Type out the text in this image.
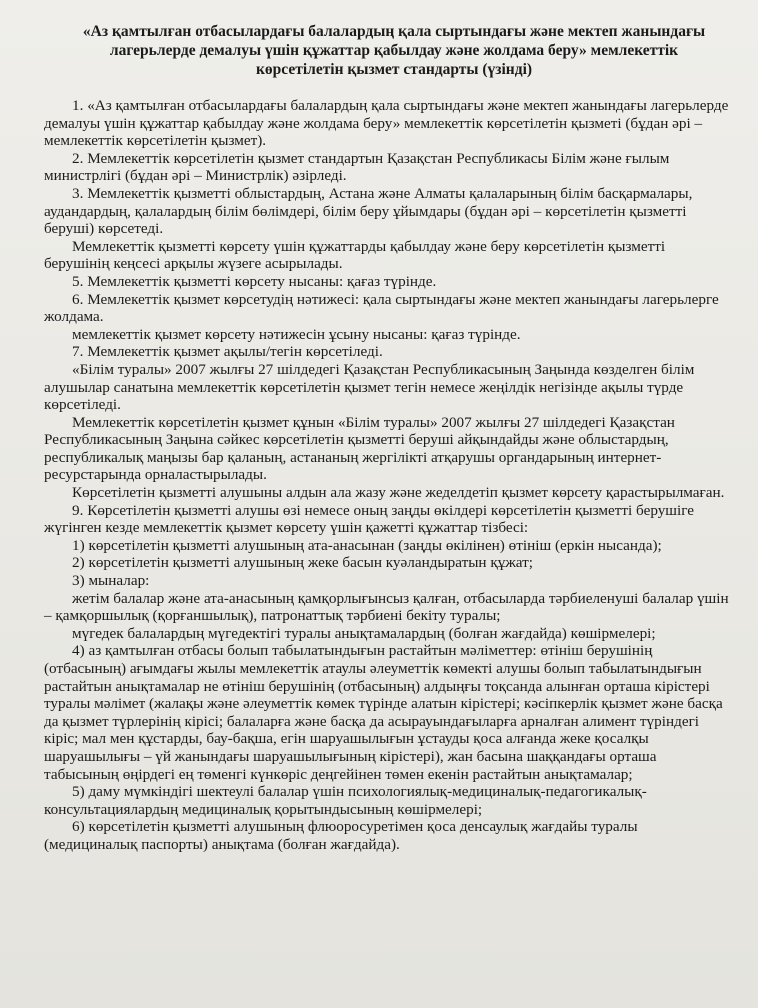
«Аз қамтылған отбасылардағы балалардың қала сыртындағы және мектеп жанындағы лагерьлерде демалуы үшін құжаттар қабылдау және жолдама беру» мемлекеттік көрсетілетін қызмет стандарты (үзінді)

1. «Аз қамтылған отбасылардағы балалардың қала сыртындағы және мектеп жанындағы лагерьлерде демалуы үшін құжаттар қабылдау және жолдама беру» мемлекеттік көрсетілетін қызметі (бұдан әрі – мемлекеттік көрсетілетін қызмет).

2. Мемлекеттік көрсетілетін қызмет стандартын Қазақстан Республикасы Білім және ғылым министрлігі (бұдан әрі – Министрлік) әзірледі.

3. Мемлекеттік қызметті облыстардың, Астана және Алматы қалаларының білім басқармалары, аудандардың, қалалардың білім бөлімдері, білім беру ұйымдары (бұдан әрі – көрсетілетін қызметті беруші) көрсетеді.

Мемлекеттік қызметті көрсету үшін құжаттарды қабылдау және беру көрсетілетін қызметті берушінің кеңсесі арқылы жүзеге асырылады.

5. Мемлекеттік қызметті көрсету нысаны: қағаз түрінде.

6. Мемлекеттік қызмет көрсетудің нәтижесі: қала сыртындағы және мектеп жанындағы лагерьлерге жолдама.

мемлекеттік қызмет көрсету нәтижесін ұсыну нысаны: қағаз түрінде.

7. Мемлекеттік қызмет ақылы/тегін көрсетіледі.

«Білім туралы» 2007 жылғы 27 шілдедегі Қазақстан Республикасының Заңында көзделген білім алушылар санатына мемлекеттік көрсетілетін қызмет тегін немесе жеңілдік негізінде ақылы түрде көрсетіледі.

Мемлекеттік көрсетілетін қызмет құнын «Білім туралы» 2007 жылғы 27 шілдедегі Қазақстан Республикасының Заңына сәйкес көрсетілетін қызметті беруші айқындайды және облыстардың, республикалық маңызы бар қаланың, астананың жергілікті атқарушы органдарының интернет-ресурстарында орналастырылады.

Көрсетілетін қызметті алушыны алдын ала жазу және жеделдетіп қызмет көрсету қарастырылмаған.

9. Көрсетілетін қызметті алушы өзі немесе оның заңды өкілдері көрсетілетін қызметті берушіге жүгінген кезде мемлекеттік қызмет көрсету үшін қажетті құжаттар тізбесі:

1) көрсетілетін қызметті алушының ата-анасынан (заңды өкілінен) өтініш (еркін нысанда);

2) көрсетілетін қызметті алушының жеке басын куәландыратын құжат;

3) мыналар:

жетім балалар және ата-анасының қамқорлығынсыз қалған, отбасыларда тәрбиеленуші балалар үшін – қамқоршылық (қорғаншылық), патронаттық тәрбиені бекіту туралы;

мүгедек балалардың мүгедектігі туралы анықтамалардың (болған жағдайда) көшірмелері;

4) аз қамтылған отбасы болып табылатындығын растайтын мәліметтер: өтініш берушінің (отбасының) ағымдағы жылы мемлекеттік атаулы әлеуметтік көмекті алушы болып табылатындығын растайтын анықтамалар не өтініш берушінің (отбасының) алдыңғы тоқсанда алынған орташа кірістері туралы мәлімет (жалақы және әлеуметтік көмек түрінде алатын кірістері; кәсіпкерлік қызмет және басқа да қызмет түрлерінің кірісі; балаларға және басқа да асырауындағыларға арналған алимент түріндегі кіріс; мал мен құстарды, бау-бақша, егін шаруашылығын ұстауды қоса алғанда жеке қосалқы шаруашылығы – үй жанындағы шаруашылығының кірістері), жан басына шаққандағы орташа табысының өңірдегі ең төменгі күнкөріс деңгейінен төмен екенін растайтын анықтамалар;

5) даму мүмкіндігі шектеулі балалар үшін психологиялық-медициналық-педагогикалық-консультациялардың медициналық қорытындысының көшірмелері;

6) көрсетілетін қызметті алушының флюоросуретімен қоса денсаулық жағдайы туралы (медициналық паспорты) анықтама (болған жағдайда).
